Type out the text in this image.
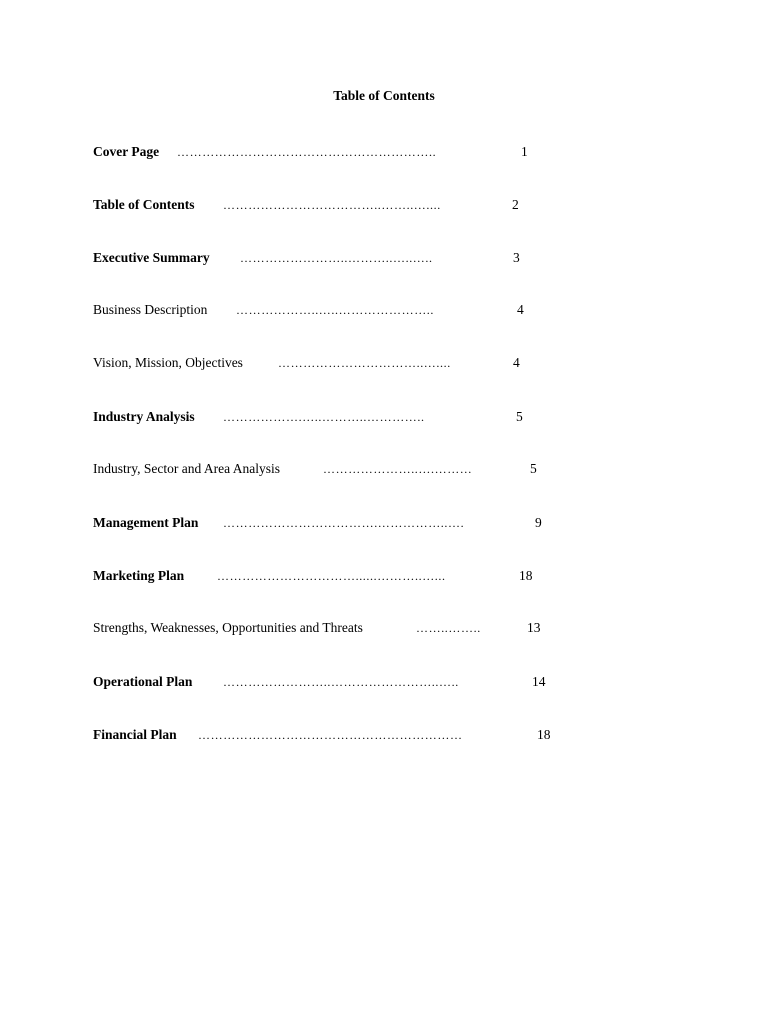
Table of Contents
Cover Page ……………………………………………………..	1
Table of Contents ………………………………..……..…....	2
Executive Summary	……………………..………..…..…..	3
Business Description ………………..…..…………………..	4
Vision, Mission, Objectives	……………………………..…....	4
Industry Analysis ……………….…..………..…………..	5
Industry, Sector and Area Analysis	…………………..….………	5
Management Plan ……………………………….……………..….	9
Marketing Plan	……………………………......………..…...	18
Strengths, Weaknesses, Opportunities and Threats	……..……..	13
Operational Plan	……………………..……………………..…..	14
Financial Plan ………………………………………………………	18
